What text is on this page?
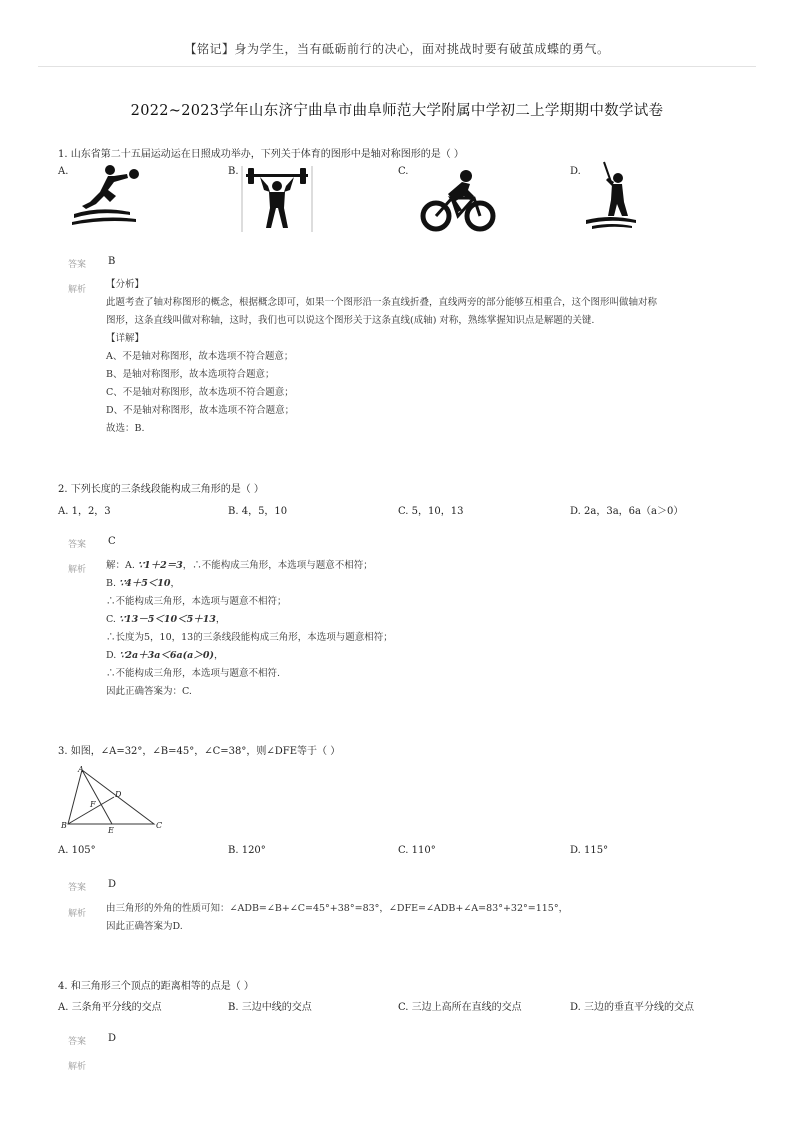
【铭记】身为学生，当有砥砺前行的决心，面对挑战时要有破茧成蝶的勇气。
2022~2023学年山东济宁曲阜市曲阜师范大学附属中学初二上学期期中数学试卷
1. 山东省第二十五届运动运在日照成功举办，下列关于体育的图形中是轴对称图形的是（ ）
A.	B.	C.	D.
答案 B
解析 【分析】
此题考查了轴对称图形的概念，根据概念即可，如果一个图形沿一条直线折叠，直线两旁的部分能够互相重合，这个图形叫做轴对称
图形，这条直线叫做对称轴，这时，我们也可以说这个图形关于这条直线(成轴) 对称，熟练掌握知识点是解题的关键.
【详解】
A、不是轴对称图形，故本选项不符合题意；
B、是轴对称图形，故本选项符合题意；
C、不是轴对称图形，故本选项不符合题意；
D、不是轴对称图形，故本选项不符合题意；
故选：B.
2. 下列长度的三条线段能构成三角形的是（ ）
A. 1，2，3	B. 4，5，10	C. 5，10，13	D. 2a，3a，6a（a＞0）
答案 C
解析 解：A. ∵1＋2＝3，∴不能构成三角形，本选项与题意不相符；
B. ∵4＋5＜10，
∴不能构成三角形，本选项与题意不相符；
C. ∵13－5＜10＜5＋13，
∴长度为5，10，13的三条线段能构成三角形，本选项与题意相符；
D. ∵2a＋3a＜6a(a＞0)，
∴不能构成三角形，本选项与题意不相符.
因此正确答案为：C.
3. 如图，∠A=32°，∠B=45°，∠C=38°，则∠DFE等于（ ）
A
D
F
B
E
C
A. 105°	B. 120°	C. 110°	D. 115°
答案 D
解析 由三角形的外角的性质可知：∠ADB=∠B+∠C=45°+38°=83°，∠DFE=∠ADB+∠A=83°+32°=115°，
因此正确答案为D.
4. 和三角形三个顶点的距离相等的点是（ ）
A. 三条角平分线的交点	B. 三边中线的交点	C. 三边上高所在直线的交点	D. 三边的垂直平分线的交点
答案 D
解析
